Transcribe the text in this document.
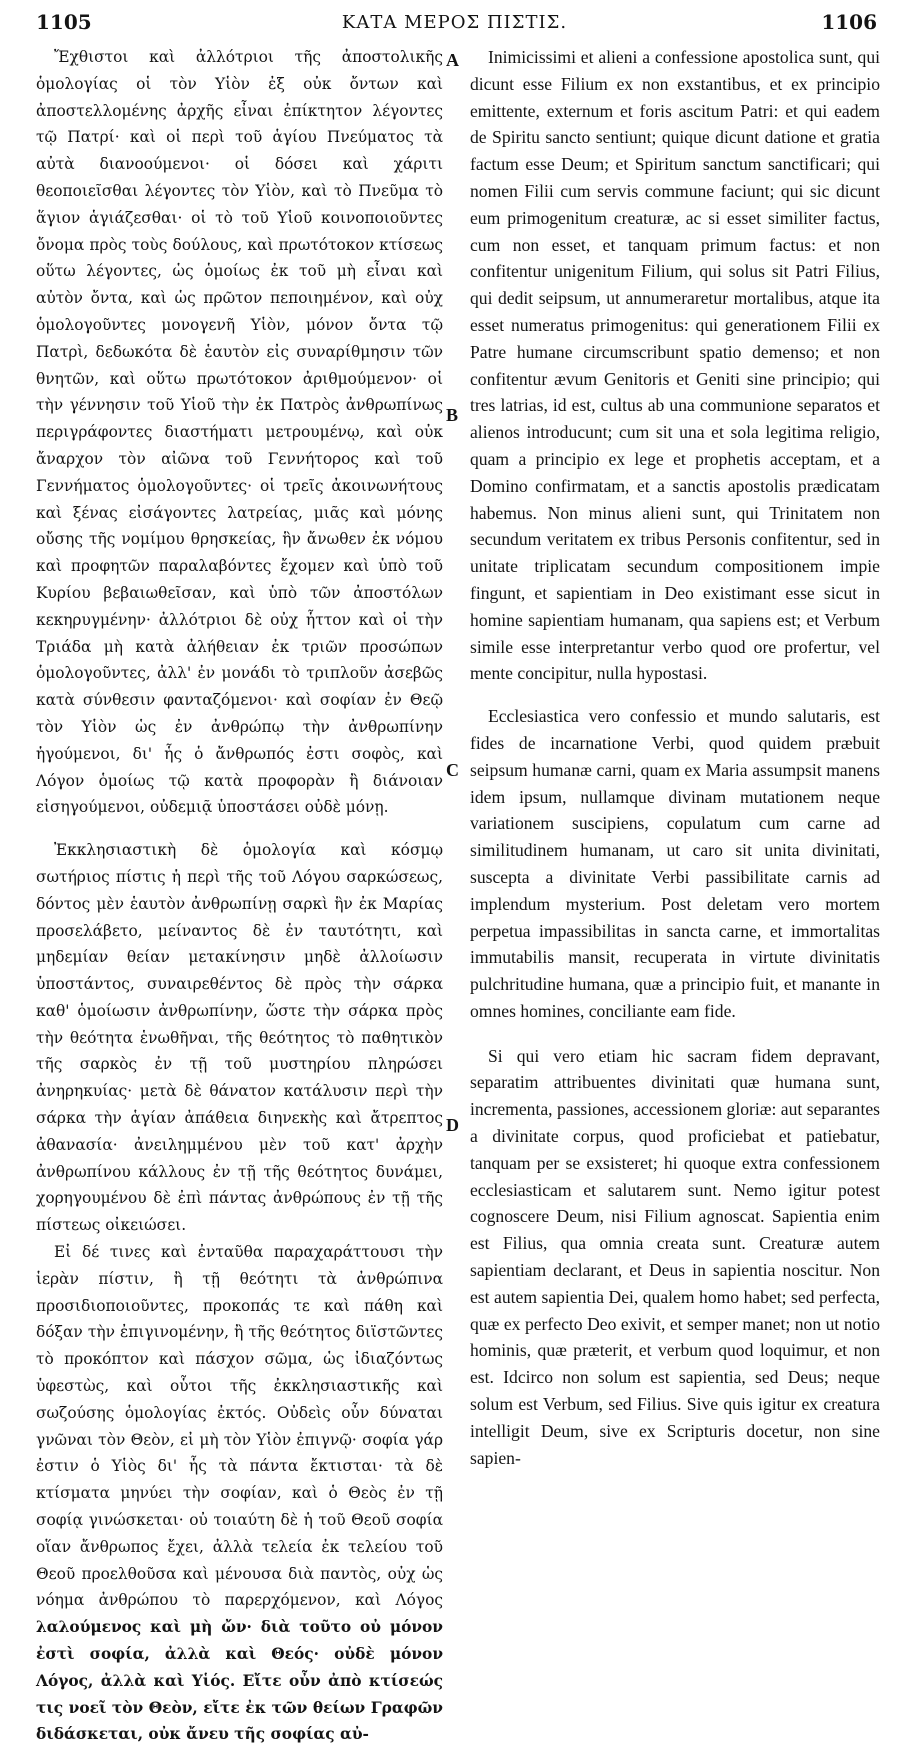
1105	ΚΑΤΑ ΜΕΡΟΣ ΠΙΣΤΙΣ.	1106

Ἔχθιστοι καὶ ἀλλότριοι τῆς ἀποστολικῆς ὁμολογίας οἱ τὸν Υἱὸν ἐξ οὐκ ὄντων καὶ ἀποστελλομένης ἀρχῆς εἶναι ἐπίκτητον λέγοντες τῷ Πατρί· καὶ οἱ περὶ τοῦ ἁγίου Πνεύματος τὰ αὐτὰ διανοούμενοι· οἱ δόσει καὶ χάριτι θεοποιεῖσθαι λέγοντες τὸν Υἱὸν, καὶ τὸ Πνεῦμα τὸ ἅγιον ἁγιάζεσθαι· οἱ τὸ τοῦ Υἱοῦ κοινοποιοῦντες ὄνομα πρὸς τοὺς δούλους, καὶ πρωτότοκον κτίσεως οὕτω λέγοντες, ὡς ὁμοίως ἐκ τοῦ μὴ εἶναι καὶ αὐτὸν ὄντα, καὶ ὡς πρῶτον πεποιημένον, καὶ οὐχ ὁμολογοῦντες μονογενῆ Υἱὸν, μόνον ὄντα τῷ Πατρὶ, δεδωκότα δὲ ἑαυτὸν εἰς συναρίθμησιν τῶν θνητῶν, καὶ οὕτω πρωτότοκον ἀριθμούμενον· οἱ τὴν γέννησιν τοῦ Υἱοῦ τὴν ἐκ Πατρὸς ἀνθρωπίνως περιγράφοντες διαστήματι μετρουμένῳ, καὶ οὐκ ἄναρχον τὸν αἰῶνα τοῦ Γεννήτορος καὶ τοῦ Γεννήματος ὁμολογοῦντες· οἱ τρεῖς ἀκοινωνήτους καὶ ξένας εἰσάγοντες λατρείας, μιᾶς καὶ μόνης οὔσης τῆς νομίμου θρησκείας, ἣν ἄνωθεν ἐκ νόμου καὶ προφητῶν παραλαβόντες ἔχομεν καὶ ὑπὸ τοῦ Κυρίου βεβαιωθεῖσαν, καὶ ὑπὸ τῶν ἀποστόλων κεκηρυγμένην· ἀλλότριοι δὲ οὐχ ἧττον καὶ οἱ τὴν Τριάδα μὴ κατὰ ἀλήθειαν ἐκ τριῶν προσώπων ὁμολογοῦντες, ἀλλ' ἐν μονάδι τὸ τριπλοῦν ἀσεβῶς κατὰ σύνθεσιν φανταζόμενοι· καὶ σοφίαν ἐν Θεῷ τὸν Υἱὸν ὡς ἐν ἀνθρώπῳ τὴν ἀνθρωπίνην ἡγούμενοι, δι' ἧς ὁ ἄνθρωπός ἐστι σοφὸς, καὶ Λόγον ὁμοίως τῷ κατὰ προφορὰν ἢ διάνοιαν εἰσηγούμενοι, οὐδεμιᾷ ὑποστάσει οὐδὲ μόνῃ.

Ἐκκλησιαστικὴ δὲ ὁμολογία καὶ κόσμῳ σωτήριος πίστις ἡ περὶ τῆς τοῦ Λόγου σαρκώσεως, δόντος μὲν ἑαυτὸν ἀνθρωπίνῃ σαρκὶ ἣν ἐκ Μαρίας προσελάβετο, μείναντος δὲ ἐν ταυτότητι, καὶ μηδεμίαν θείαν μετακίνησιν μηδὲ ἀλλοίωσιν ὑποστάντος, συναιρεθέντος δὲ πρὸς τὴν σάρκα καθ' ὁμοίωσιν ἀνθρωπίνην, ὥστε τὴν σάρκα πρὸς τὴν θεότητα ἑνωθῆναι, τῆς θεότητος τὸ παθητικὸν τῆς σαρκὸς ἐν τῇ τοῦ μυστηρίου πληρώσει ἀνηρηκυίας· μετὰ δὲ θάνατον κατάλυσιν περὶ τὴν σάρκα τὴν ἁγίαν ἀπάθεια διηνεκὴς καὶ ἄτρεπτος ἀθανασία· ἀνειλημμένου μὲν τοῦ κατ' ἀρχὴν ἀνθρωπίνου κάλλους ἐν τῇ τῆς θεότητος δυνάμει, χορηγουμένου δὲ ἐπὶ πάντας ἀνθρώπους ἐν τῇ τῆς πίστεως οἰκειώσει.

Εἰ δέ τινες καὶ ἐνταῦθα παραχαράττουσι τὴν ἱερὰν πίστιν, ἢ τῇ θεότητι τὰ ἀνθρώπινα προσιδιοποιοῦντες, προκοπάς τε καὶ πάθη καὶ δόξαν τὴν ἐπιγινομένην, ἢ τῆς θεότητος διϊστῶντες τὸ προκόπτον καὶ πάσχον σῶμα, ὡς ἰδιαζόντως ὑφεστὼς, καὶ οὗτοι τῆς ἐκκλησιαστικῆς καὶ σωζούσης ὁμολογίας ἐκτός. Οὐδεὶς οὖν δύναται γνῶναι τὸν Θεὸν, εἰ μὴ τὸν Υἱὸν ἐπιγνῷ· σοφία γάρ ἐστιν ὁ Υἱὸς δι' ἧς τὰ πάντα ἔκτισται· τὰ δὲ κτίσματα μηνύει τὴν σοφίαν, καὶ ὁ Θεὸς ἐν τῇ σοφίᾳ γινώσκεται· οὐ τοιαύτη δὲ ἡ τοῦ Θεοῦ σοφία οἵαν ἄνθρωπος ἔχει, ἀλλὰ τελεία ἐκ τελείου τοῦ Θεοῦ προελθοῦσα καὶ μένουσα διὰ παντὸς, οὐχ ὡς νόημα ἀνθρώπου τὸ παρερχόμενον, καὶ Λόγος λαλούμενος καὶ μὴ ὤν· διὰ τοῦτο οὐ μόνον ἐστὶ σοφία, ἀλλὰ καὶ Θεός· οὐδὲ μόνον Λόγος, ἀλλὰ καὶ Υἱός. Εἴτε οὖν ἀπὸ κτίσεώς τις νοεῖ τὸν Θεὸν, εἴτε ἐκ τῶν θείων Γραφῶν διδάσκεται, οὐκ ἄνευ τῆς σοφίας αὐ-

A
B
C
D

Inimicissimi et alieni a confessione apostolica sunt, qui dicunt esse Filium ex non exstantibus, et ex principio emittente, externum et foris ascitum Patri: et qui eadem de Spiritu sancto sentiunt; quique dicunt datione et gratia factum esse Deum; et Spiritum sanctum sanctificari; qui nomen Filii cum servis commune faciunt; qui sic dicunt eum primogenitum creaturæ, ac si esset similiter factus, cum non esset, et tanquam primum factus: et non confitentur unigenitum Filium, qui solus sit Patri Filius, qui dedit seipsum, ut annumeraretur mortalibus, atque ita esset numeratus primogenitus: qui generationem Filii ex Patre humane circumscribunt spatio demenso; et non confitentur ævum Genitoris et Geniti sine principio; qui tres latrias, id est, cultus ab una communione separatos et alienos introducunt; cum sit una et sola legitima religio, quam a principio ex lege et prophetis acceptam, et a Domino confirmatam, et a sanctis apostolis prædicatam habemus. Non minus alieni sunt, qui Trinitatem non secundum veritatem ex tribus Personis confitentur, sed in unitate triplicatam secundum compositionem impie fingunt, et sapientiam in Deo existimant esse sicut in homine sapientiam humanam, qua sapiens est; et Verbum simile esse interpretantur verbo quod ore profertur, vel mente concipitur, nulla hypostasi.

Ecclesiastica vero confessio et mundo salutaris, est fides de incarnatione Verbi, quod quidem præbuit seipsum humanæ carni, quam ex Maria assumpsit manens idem ipsum, nullamque divinam mutationem neque variationem suscipiens, copulatum cum carne ad similitudinem humanam, ut caro sit unita divinitati, suscepta a divinitate Verbi passibilitate carnis ad implendum mysterium. Post deletam vero mortem perpetua impassibilitas in sancta carne, et immortalitas immutabilis mansit, recuperata in virtute divinitatis pulchritudine humana, quæ a principio fuit, et manante in omnes homines, conciliante eam fide.

Si qui vero etiam hic sacram fidem depravant, separatim attribuentes divinitati quæ humana sunt, incrementa, passiones, accessionem gloriæ: aut separantes a divinitate corpus, quod proficiebat et patiebatur, tanquam per se exsisteret; hi quoque extra confessionem ecclesiasticam et salutarem sunt. Nemo igitur potest cognoscere Deum, nisi Filium agnoscat. Sapientia enim est Filius, qua omnia creata sunt. Creaturæ autem sapientiam declarant, et Deus in sapientia noscitur. Non est autem sapientia Dei, qualem homo habet; sed perfecta, quæ ex perfecto Deo exivit, et semper manet; non ut notio hominis, quæ præterit, et verbum quod loquimur, et non est. Idcirco non solum est sapientia, sed Deus; neque solum est Verbum, sed Filius. Sive quis igitur ex creatura intelligit Deum, sive ex Scripturis docetur, non sine sapien-
